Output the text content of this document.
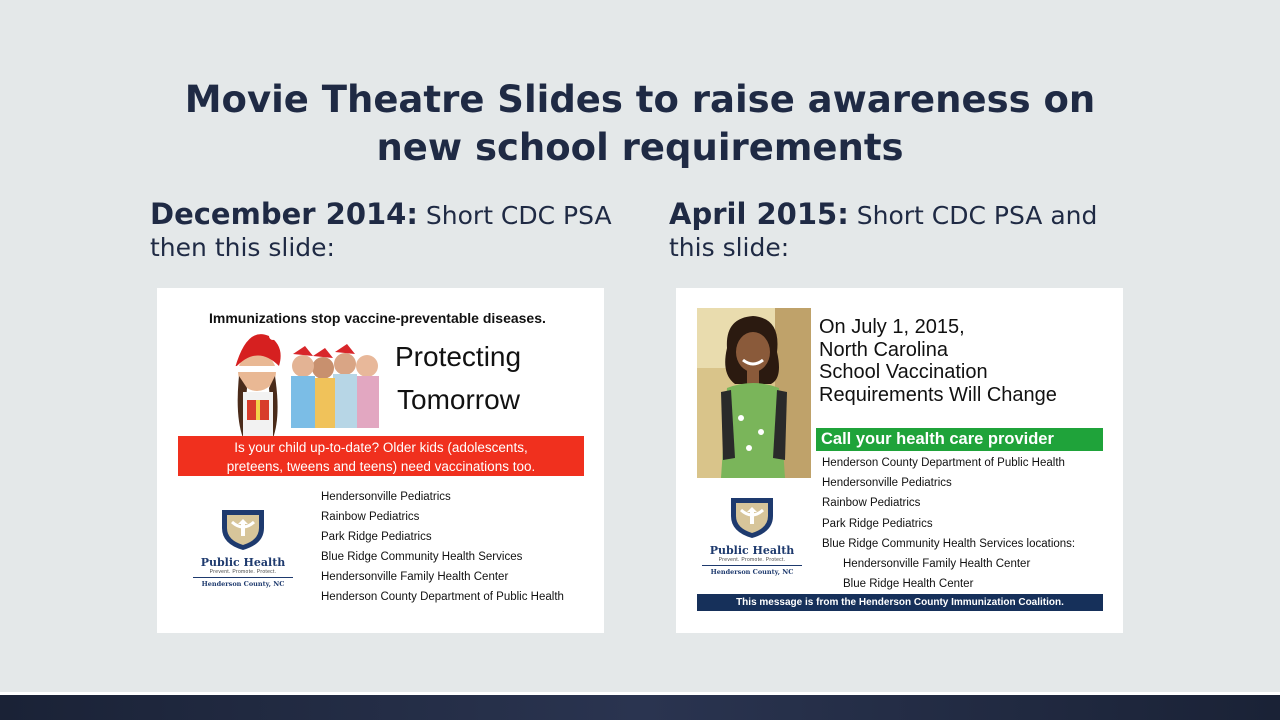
Movie Theatre Slides to raise awareness on new school requirements
December 2014: Short CDC PSA then this slide:
April 2015: Short CDC PSA and this slide:
Immunizations stop vaccine-preventable diseases.
Protecting
Tomorrow
Is your child up-to-date? Older kids (adolescents,
preteens, tweens and teens) need vaccinations too.
Public Health
Prevent. Promote. Protect.
Henderson County, NC
Hendersonville Pediatrics
Rainbow Pediatrics
Park Ridge Pediatrics
Blue Ridge Community Health Services
Hendersonville Family Health Center
Henderson County Department of Public Health
On July 1, 2015,
North Carolina
School Vaccination
Requirements Will Change
Call your health care provider
Public Health
Prevent. Promote. Protect.
Henderson County, NC
Henderson County Department of Public Health
Hendersonville Pediatrics
Rainbow Pediatrics
Park Ridge Pediatrics
Blue Ridge Community Health Services locations:
Hendersonville Family Health Center
Blue Ridge Health Center
This message is from the Henderson County Immunization Coalition.
